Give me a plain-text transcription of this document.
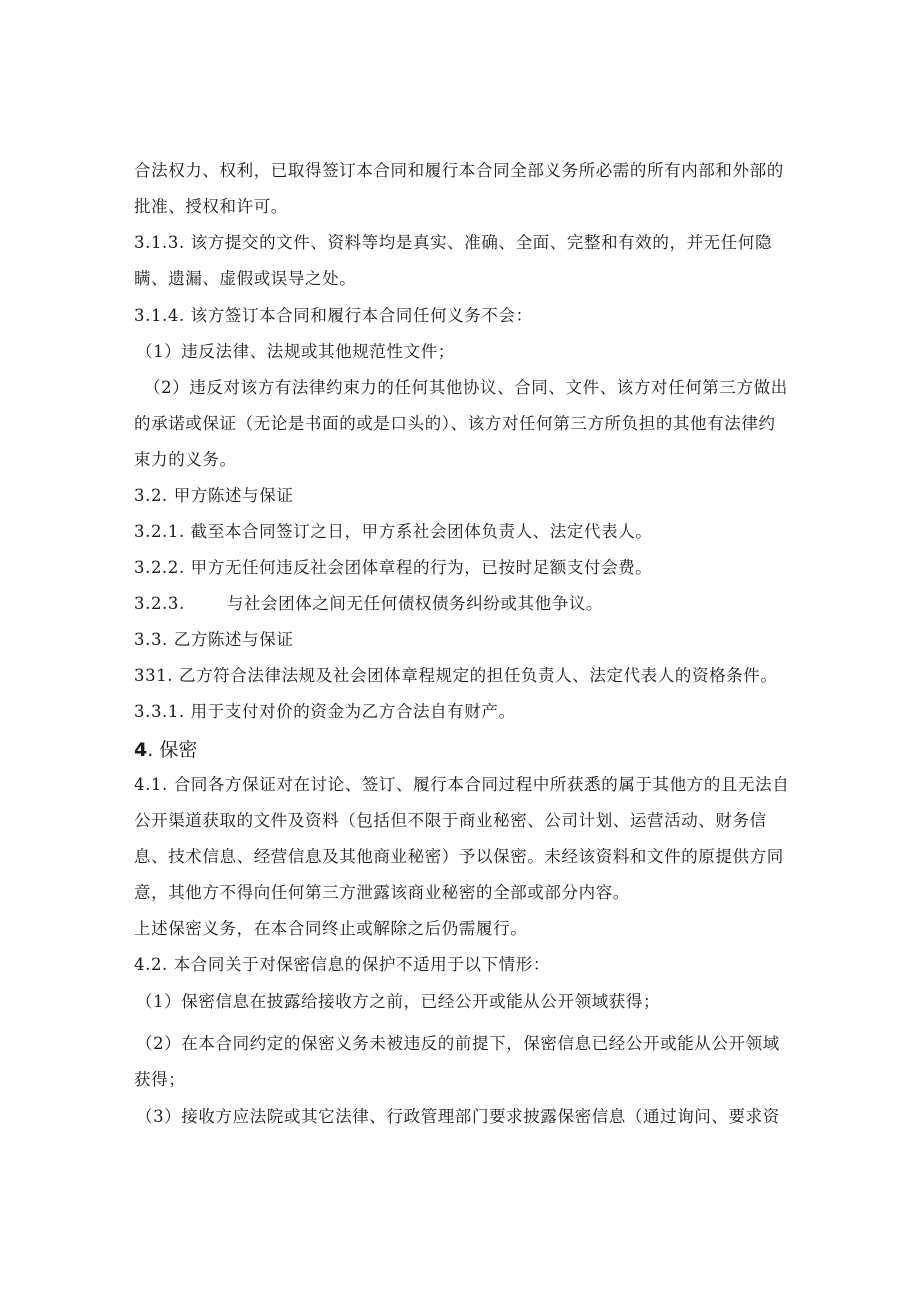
合法权力、权利，已取得签订本合同和履行本合同全部义务所必需的所有内部和外部的
批准、授权和许可。
3.1.3. 该方提交的文件、资料等均是真实、准确、全面、完整和有效的，并无任何隐
瞒、遗漏、虚假或误导之处。
3.1.4. 该方签订本合同和履行本合同任何义务不会：
（1）违反法律、法规或其他规范性文件；
（2）违反对该方有法律约束力的任何其他协议、合同、文件、该方对任何第三方做出
的承诺或保证（无论是书面的或是口头的）、该方对任何第三方所负担的其他有法律约
束力的义务。
3.2. 甲方陈述与保证
3.2.1. 截至本合同签订之日，甲方系社会团体负责人、法定代表人。
3.2.2. 甲方无任何违反社会团体章程的行为，已按时足额支付会费。
3.2.3.	与社会团体之间无任何债权债务纠纷或其他争议。
3.3. 乙方陈述与保证
331. 乙方符合法律法规及社会团体章程规定的担任负责人、法定代表人的资格条件。
3.3.1. 用于支付对价的资金为乙方合法自有财产。
4. 保密
4.1. 合同各方保证对在讨论、签订、履行本合同过程中所获悉的属于其他方的且无法自
公开渠道获取的文件及资料（包括但不限于商业秘密、公司计划、运营活动、财务信
息、技术信息、经营信息及其他商业秘密）予以保密。未经该资料和文件的原提供方同
意，其他方不得向任何第三方泄露该商业秘密的全部或部分内容。
上述保密义务，在本合同终止或解除之后仍需履行。
4.2. 本合同关于对保密信息的保护不适用于以下情形：
（1）保密信息在披露给接收方之前，已经公开或能从公开领域获得；
（2）在本合同约定的保密义务未被违反的前提下，保密信息已经公开或能从公开领域
获得；
（3）接收方应法院或其它法律、行政管理部门要求披露保密信息（通过询问、要求资
